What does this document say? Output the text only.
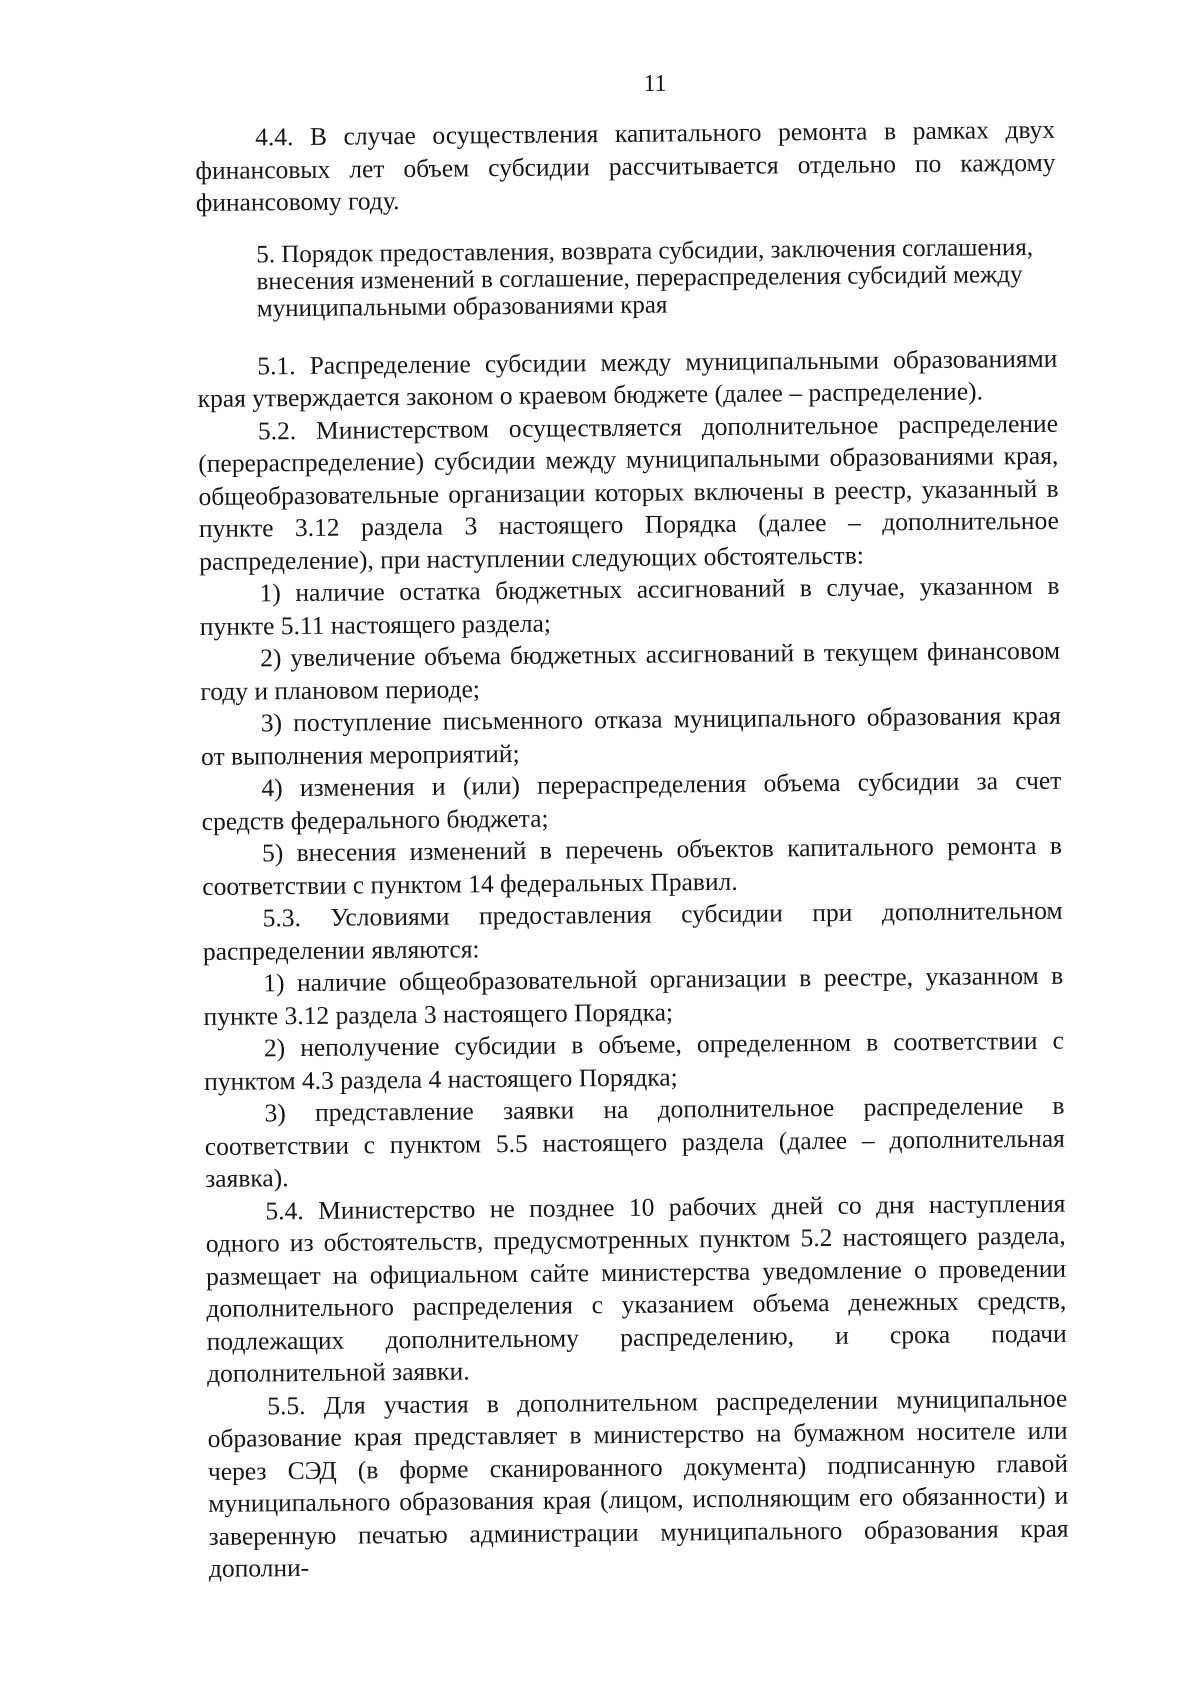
11

4.4. В случае осуществления капитального ремонта в рамках двух финансовых лет объем субсидии рассчитывается отдельно по каждому финансовому году.

5. Порядок предоставления, возврата субсидии, заключения соглашения, внесения изменений в соглашение, перераспределения субсидий между муниципальными образованиями края

5.1. Распределение субсидии между муниципальными образованиями края утверждается законом о краевом бюджете (далее – распределение).

5.2. Министерством осуществляется дополнительное распределение (перераспределение) субсидии между муниципальными образованиями края, общеобразовательные организации которых включены в реестр, указанный в пункте 3.12 раздела 3 настоящего Порядка (далее – дополнительное распределение), при наступлении следующих обстоятельств:

1) наличие остатка бюджетных ассигнований в случае, указанном в пункте 5.11 настоящего раздела;

2) увеличение объема бюджетных ассигнований в текущем финансовом году и плановом периоде;

3) поступление письменного отказа муниципального образования края от выполнения мероприятий;

4) изменения и (или) перераспределения объема субсидии за счет средств федерального бюджета;

5) внесения изменений в перечень объектов капитального ремонта в соответствии с пунктом 14 федеральных Правил.

5.3. Условиями предоставления субсидии при дополнительном распределении являются:

1) наличие общеобразовательной организации в реестре, указанном в пункте 3.12 раздела 3 настоящего Порядка;

2) неполучение субсидии в объеме, определенном в соответствии с пунктом 4.3 раздела 4 настоящего Порядка;

3) представление заявки на дополнительное распределение в соответствии с пунктом 5.5 настоящего раздела (далее – дополнительная заявка).

5.4. Министерство не позднее 10 рабочих дней со дня наступления одного из обстоятельств, предусмотренных пунктом 5.2 настоящего раздела, размещает на официальном сайте министерства уведомление о проведении дополнительного распределения с указанием объема денежных средств, подлежащих дополнительному распределению, и срока подачи дополнительной заявки.

5.5. Для участия в дополнительном распределении муниципальное образование края представляет в министерство на бумажном носителе или через СЭД (в форме сканированного документа) подписанную главой муниципального образования края (лицом, исполняющим его обязанности) и заверенную печатью администрации муниципального образования края дополни-
